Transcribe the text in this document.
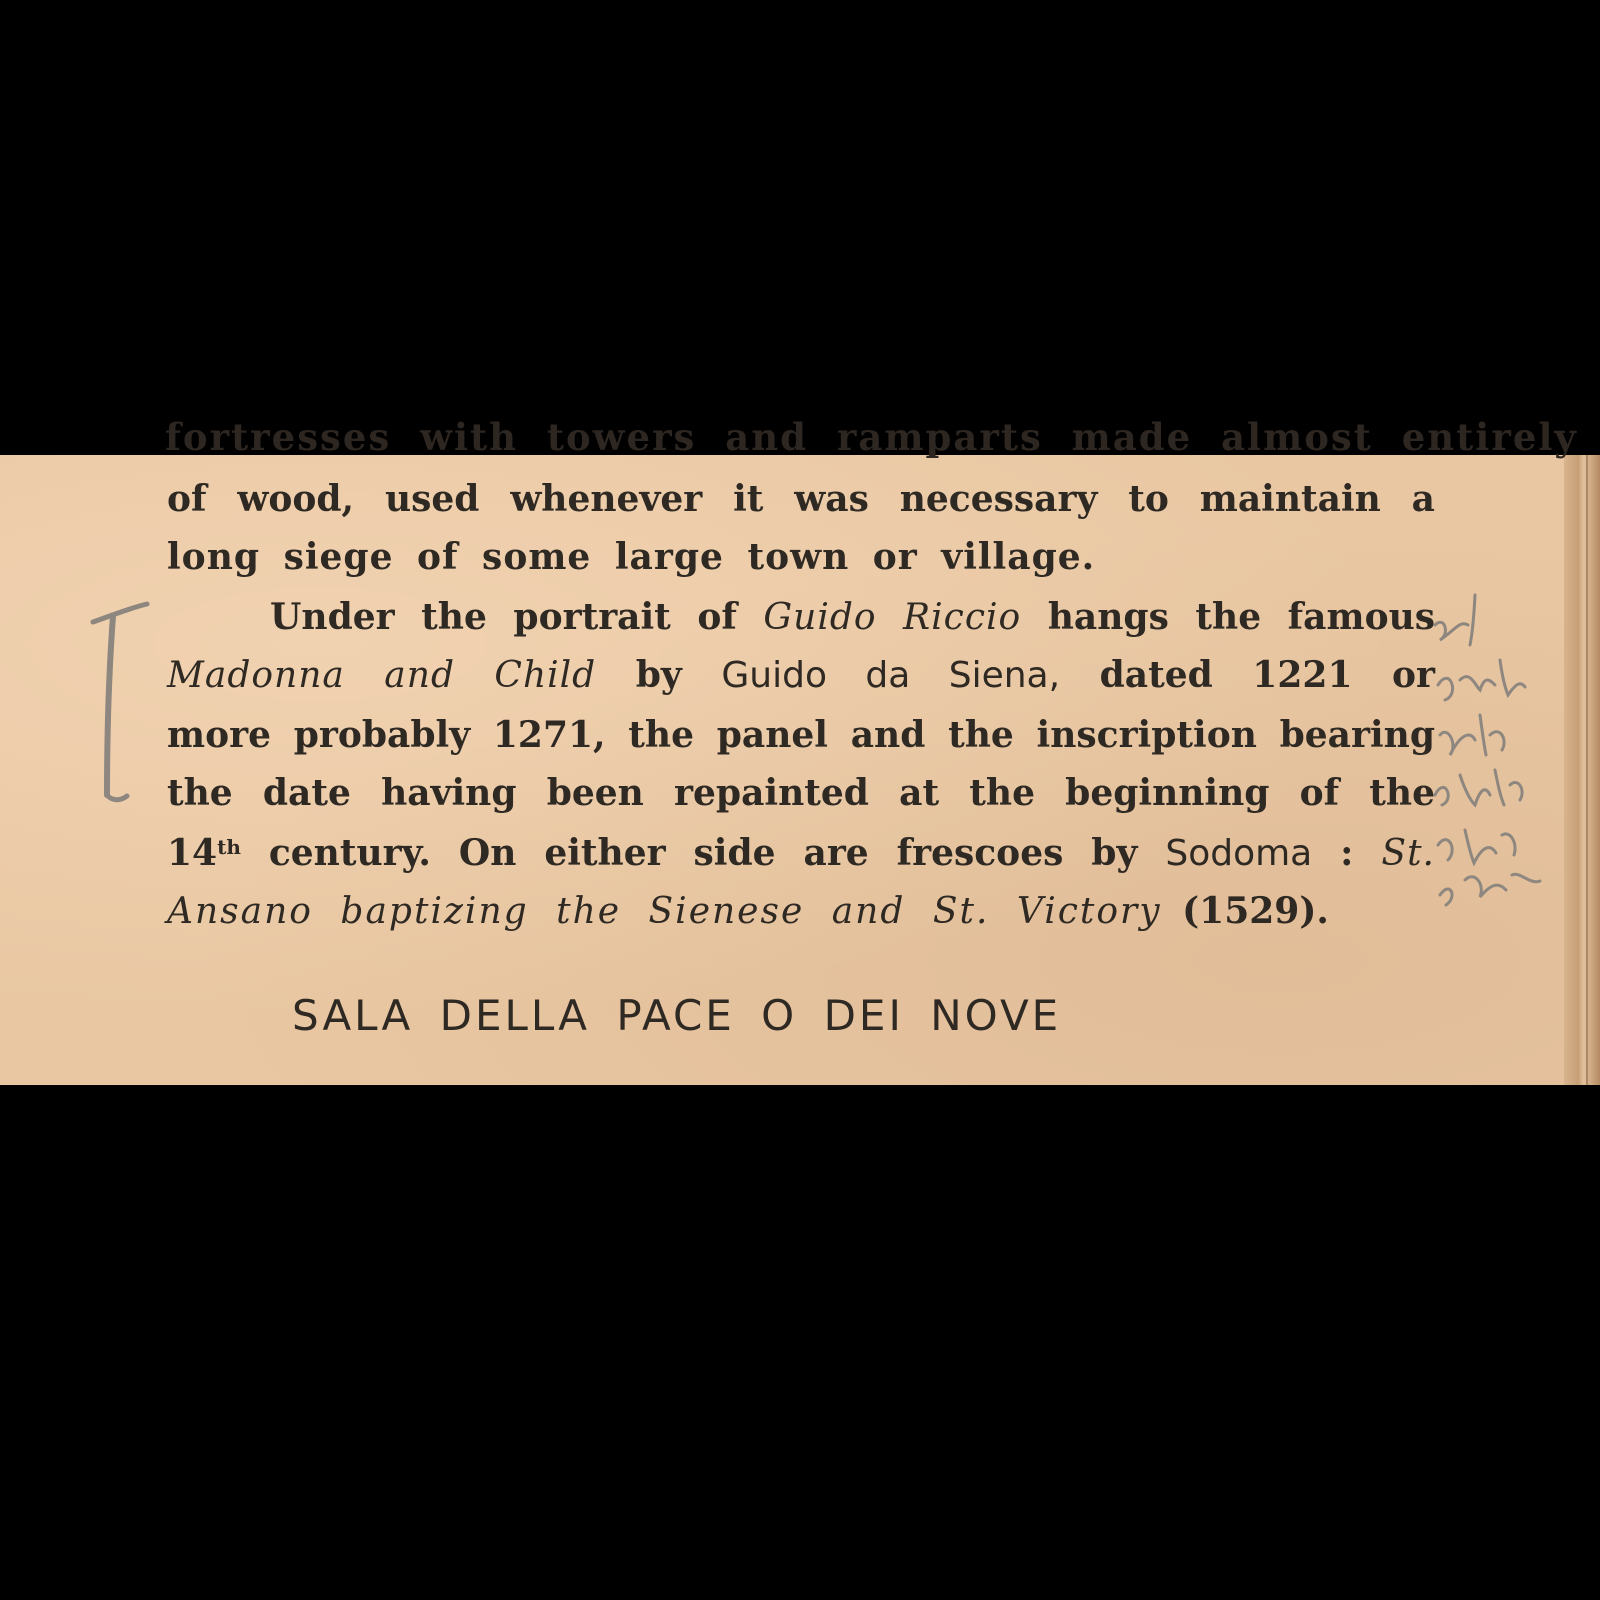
fortresses with towers and ramparts made almost entirely
of wood, used whenever it was necessary to maintain a
long siege of some large town or village.
Under the portrait of Guido Riccio hangs the famous
Madonna and Child by Guido da Siena, dated 1221 or
more probably 1271, the panel and the inscription bearing
the date having been repainted at the beginning of the
14th century. On either side are frescoes by Sodoma : St.
Ansano baptizing the Sienese and St. Victory (1529).
SALA DELLA PACE O DEI NOVE
